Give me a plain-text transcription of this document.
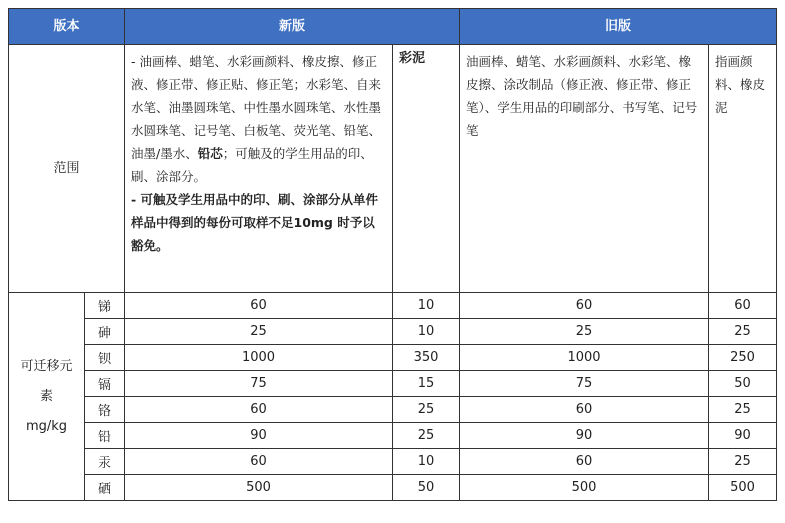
版本		新版		旧版	
范围		- 油画棒、蜡笔、水彩画颜料、橡皮擦、修正液、修正带、修正贴、修正笔；水彩笔、自来水笔、油墨圆珠笔、中性墨水圆珠笔、水性墨水圆珠笔、记号笔、白板笔、荧光笔、铅笔、油墨/墨水、铅芯；可触及的学生用品的印、刷、涂部分。
- 可触及学生用品中的印、刷、涂部分从单件样品中得到的每份可取样不足10mg 时予以豁免。	彩泥	油画棒、蜡笔、水彩画颜料、水彩笔、橡皮擦、涂改制品（修正液、修正带、修正笔）、学生用品的印刷部分、书写笔、记号笔	指画颜料、橡皮泥

可迁移元
素
mg/kg	锑	60	10	60	60
	砷	25	10	25	25
	钡	1000	350	1000	250
	镉	75	15	75	50
	铬	60	25	60	25
	铅	90	25	90	90
	汞	60	10	60	25
	硒	500	50	500	500
